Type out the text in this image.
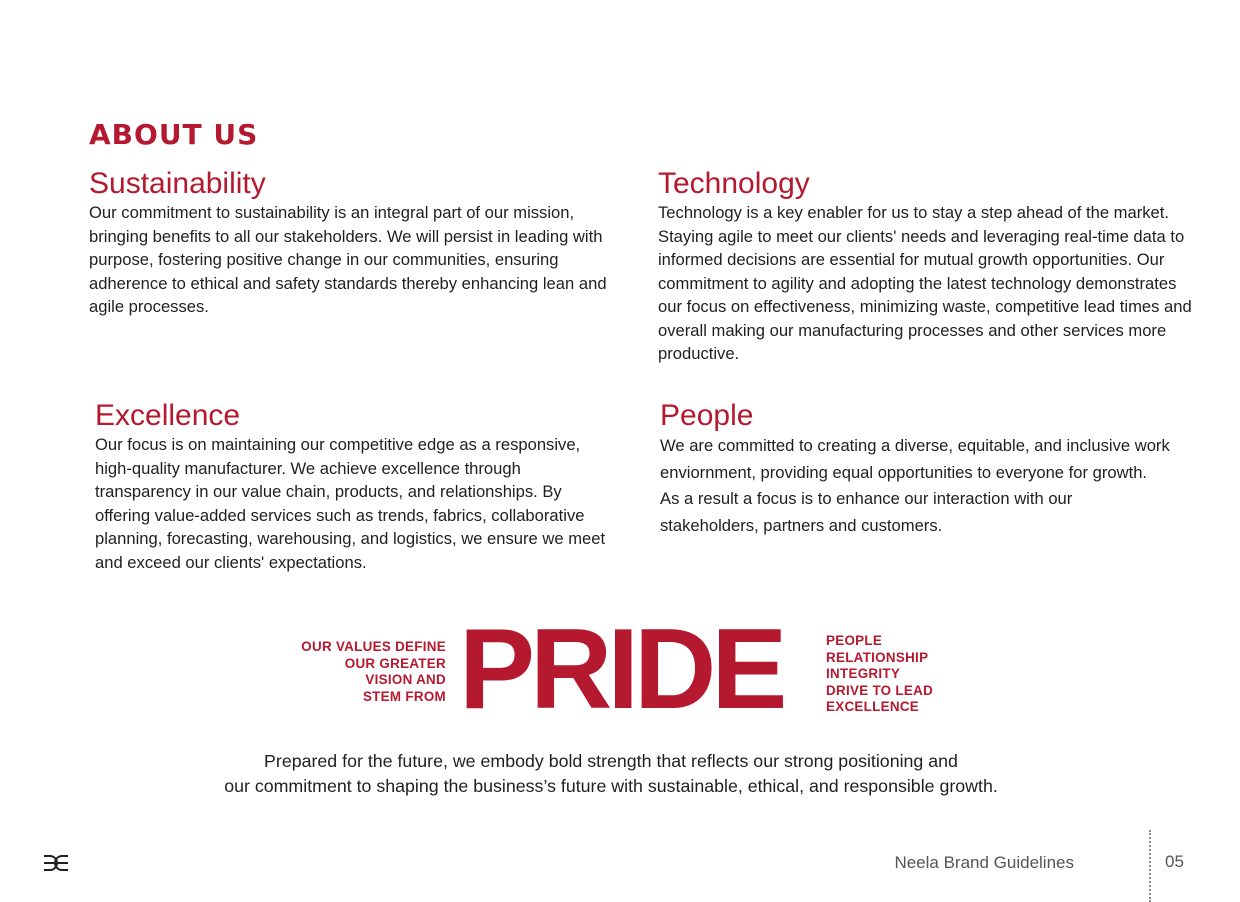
ABOUT US
Sustainability

Our commitment to sustainability is an integral part of our mission, bringing benefits to all our stakeholders. We will persist in leading with purpose, fostering positive change in our communities, ensuring adherence to ethical and safety standards thereby enhancing lean and agile processes.

Technology

Technology is a key enabler for us to stay a step ahead of the market. Staying agile to meet our clients' needs and leveraging real-time data to informed decisions are essential for mutual growth opportunities. Our commitment to agility and adopting the latest technology demonstrates our focus on effectiveness, minimizing waste, competitive lead times and overall making our manufacturing processes and other services more productive.

Excellence

Our focus is on maintaining our competitive edge as a responsive, high-quality manufacturer. We achieve excellence through transparency in our value chain, products, and relationships. By offering value-added services such as trends, fabrics, collaborative planning, forecasting, warehousing, and logistics, we ensure we meet and exceed our clients' expectations.

People

We are committed to creating a diverse, equitable, and inclusive work enviornment, providing equal opportunities to everyone for growth. As a result a focus is to enhance our interaction with our stakeholders, partners and customers.

OUR VALUES DEFINE
OUR GREATER
VISION AND
STEM FROM PRIDE	PEOPLE
RELATIONSHIP
INTEGRITY
DRIVE TO LEAD
EXCELLENCE
Prepared for the future, we embody bold strength that reflects our strong positioning and
our commitment to shaping the business’s future with sustainable, ethical, and responsible growth.
Neela Brand Guidelines	05
